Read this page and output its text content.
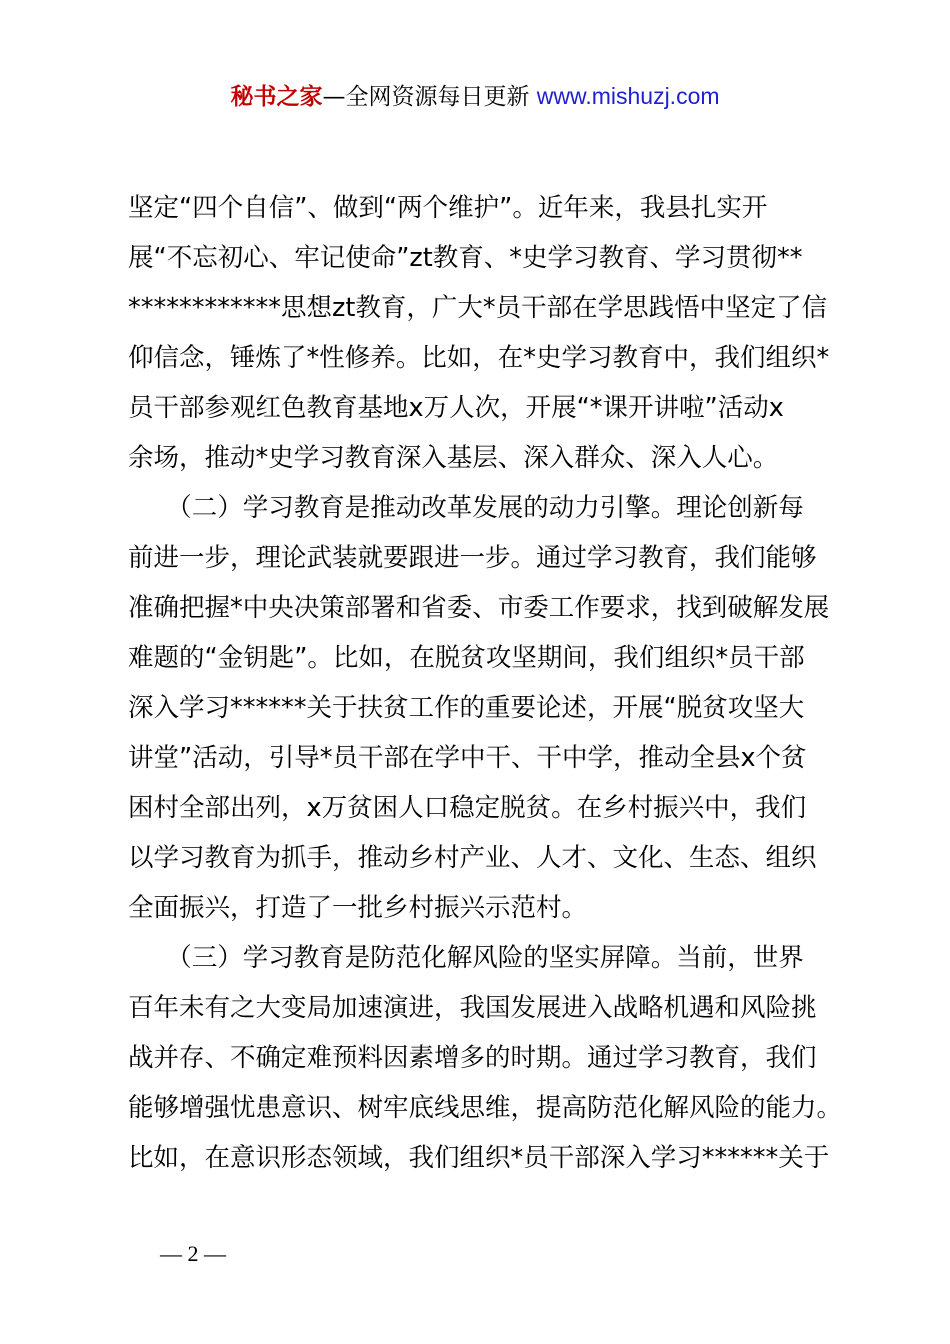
秘书之家—全网资源每日更新 www.mishuzj.com
坚定“四个自信”、做到“两个维护”。近年来，我县扎实开
展“不忘初心、牢记使命”zt教育、*史学习教育、学习贯彻**
************思想zt教育，广大*员干部在学思践悟中坚定了信
仰信念，锤炼了*性修养。比如，在*史学习教育中，我们组织*
员干部参观红色教育基地x万人次，开展“*课开讲啦”活动x
余场，推动*史学习教育深入基层、深入群众、深入人心。
　　（二）学习教育是推动改革发展的动力引擎。理论创新每
前进一步，理论武装就要跟进一步。通过学习教育，我们能够
准确把握*中央决策部署和省委、市委工作要求，找到破解发展
难题的“金钥匙”。比如，在脱贫攻坚期间，我们组织*员干部
深入学习******关于扶贫工作的重要论述，开展“脱贫攻坚大
讲堂”活动，引导*员干部在学中干、干中学，推动全县x个贫
困村全部出列，x万贫困人口稳定脱贫。在乡村振兴中，我们
以学习教育为抓手，推动乡村产业、人才、文化、生态、组织
全面振兴，打造了一批乡村振兴示范村。
　　（三）学习教育是防范化解风险的坚实屏障。当前，世界
百年未有之大变局加速演进，我国发展进入战略机遇和风险挑
战并存、不确定难预料因素增多的时期。通过学习教育，我们
能够增强忧患意识、树牢底线思维，提高防范化解风险的能力。
比如，在意识形态领域，我们组织*员干部深入学习******关于
— 2 —
